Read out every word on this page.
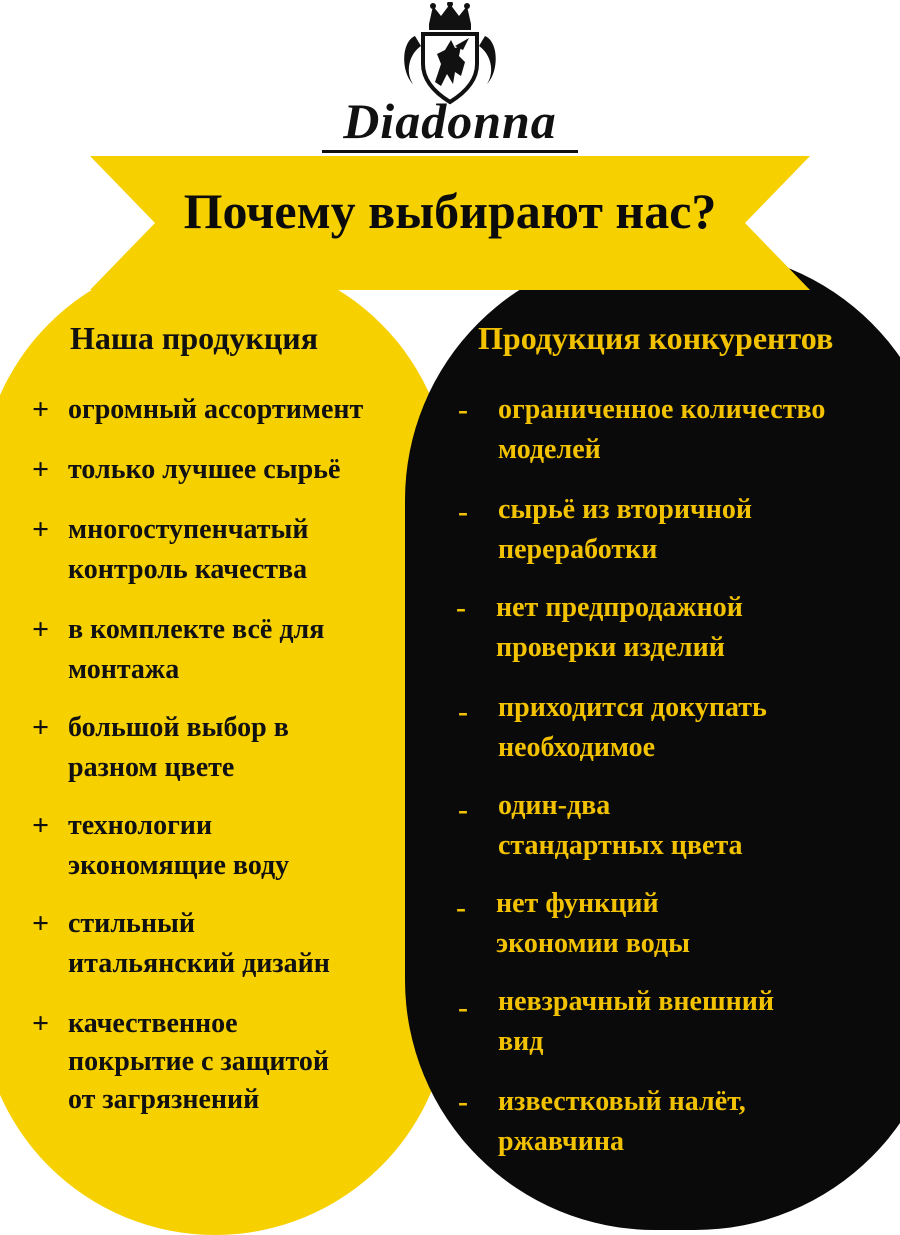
Diadonna
Почему выбирают нас?
Наша продукция	Продукция конкурентов
+ огромный ассортимент
+ только лучшее сырьё
+ многоступенчатый
контроль качества
+ в комплекте всё для
монтажа
+ большой выбор в
разном цвете
+ технологии
экономящие воду
+ стильный
итальянский дизайн
+ качественное
покрытие с защитой
от загрязнений
- ограниченное количество
моделей
- сырьё из вторичной
переработки
- нет предпродажной
проверки изделий
- приходится докупать
необходимое
- один-два
стандартных цвета
- нет функций
экономии воды
- невзрачный внешний
вид
- известковый налёт,
ржавчина
